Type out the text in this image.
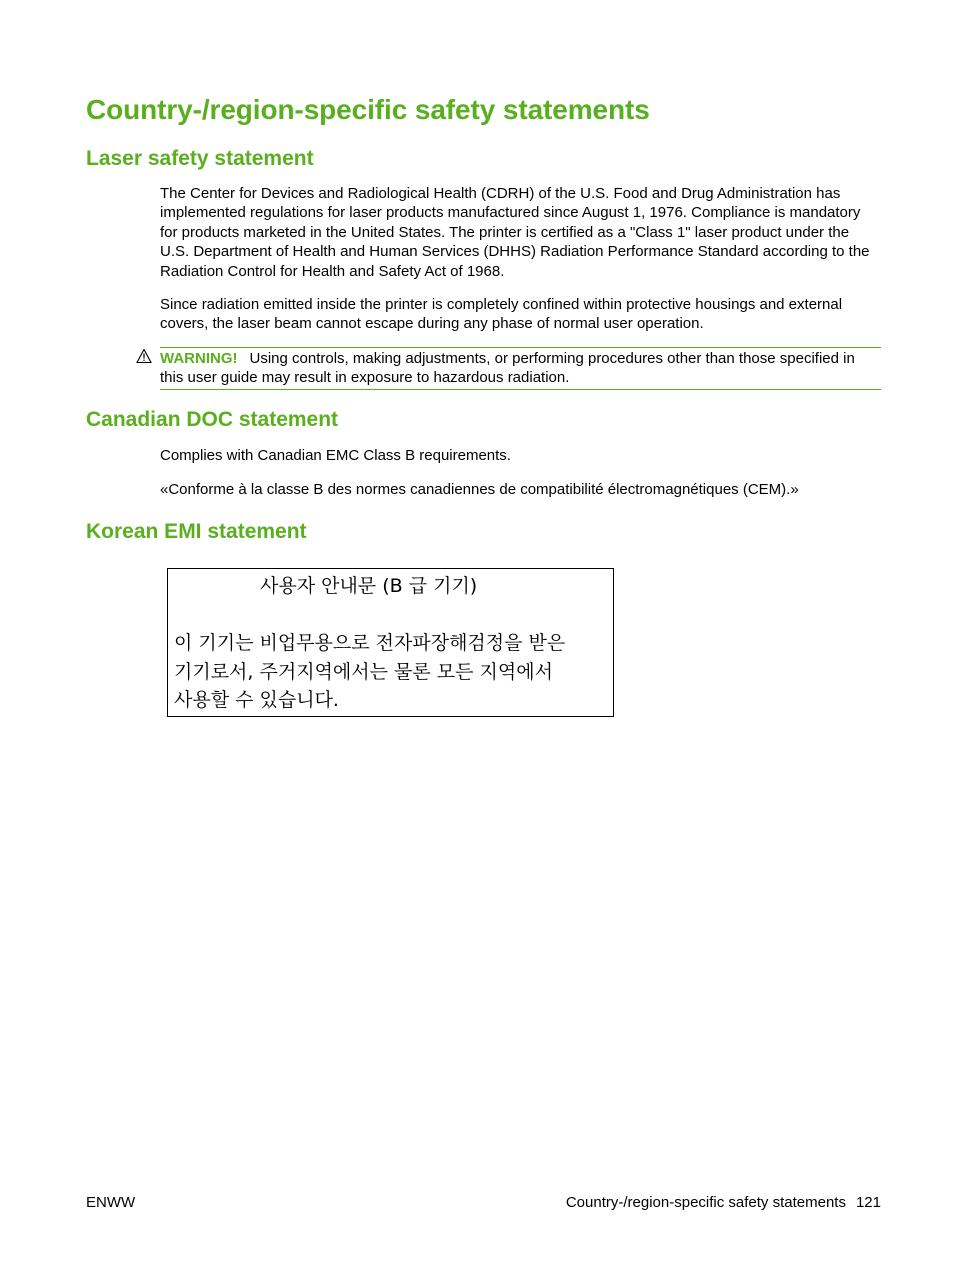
Country-/region-specific safety statements
Laser safety statement

The Center for Devices and Radiological Health (CDRH) of the U.S. Food and Drug Administration has implemented regulations for laser products manufactured since August 1, 1976. Compliance is mandatory for products marketed in the United States. The printer is certified as a "Class 1" laser product under the U.S. Department of Health and Human Services (DHHS) Radiation Performance Standard according to the Radiation Control for Health and Safety Act of 1968.

Since radiation emitted inside the printer is completely confined within protective housings and external covers, the laser beam cannot escape during any phase of normal user operation.

WARNING! Using controls, making adjustments, or performing procedures other than those specified in this user guide may result in exposure to hazardous radiation.
Canadian DOC statement

Complies with Canadian EMC Class B requirements.

«Conforme à la classe B des normes canadiennes de compatibilité électromagnétiques (CEM).»

Korean EMI statement
사용자 안내문 (B 급 기기)
이 기기는 비업무용으로 전자파장해검정을 받은
기기로서, 주거지역에서는 물론 모든 지역에서
사용할 수 있습니다.
ENWW	Country-/region-specific safety statements 121
